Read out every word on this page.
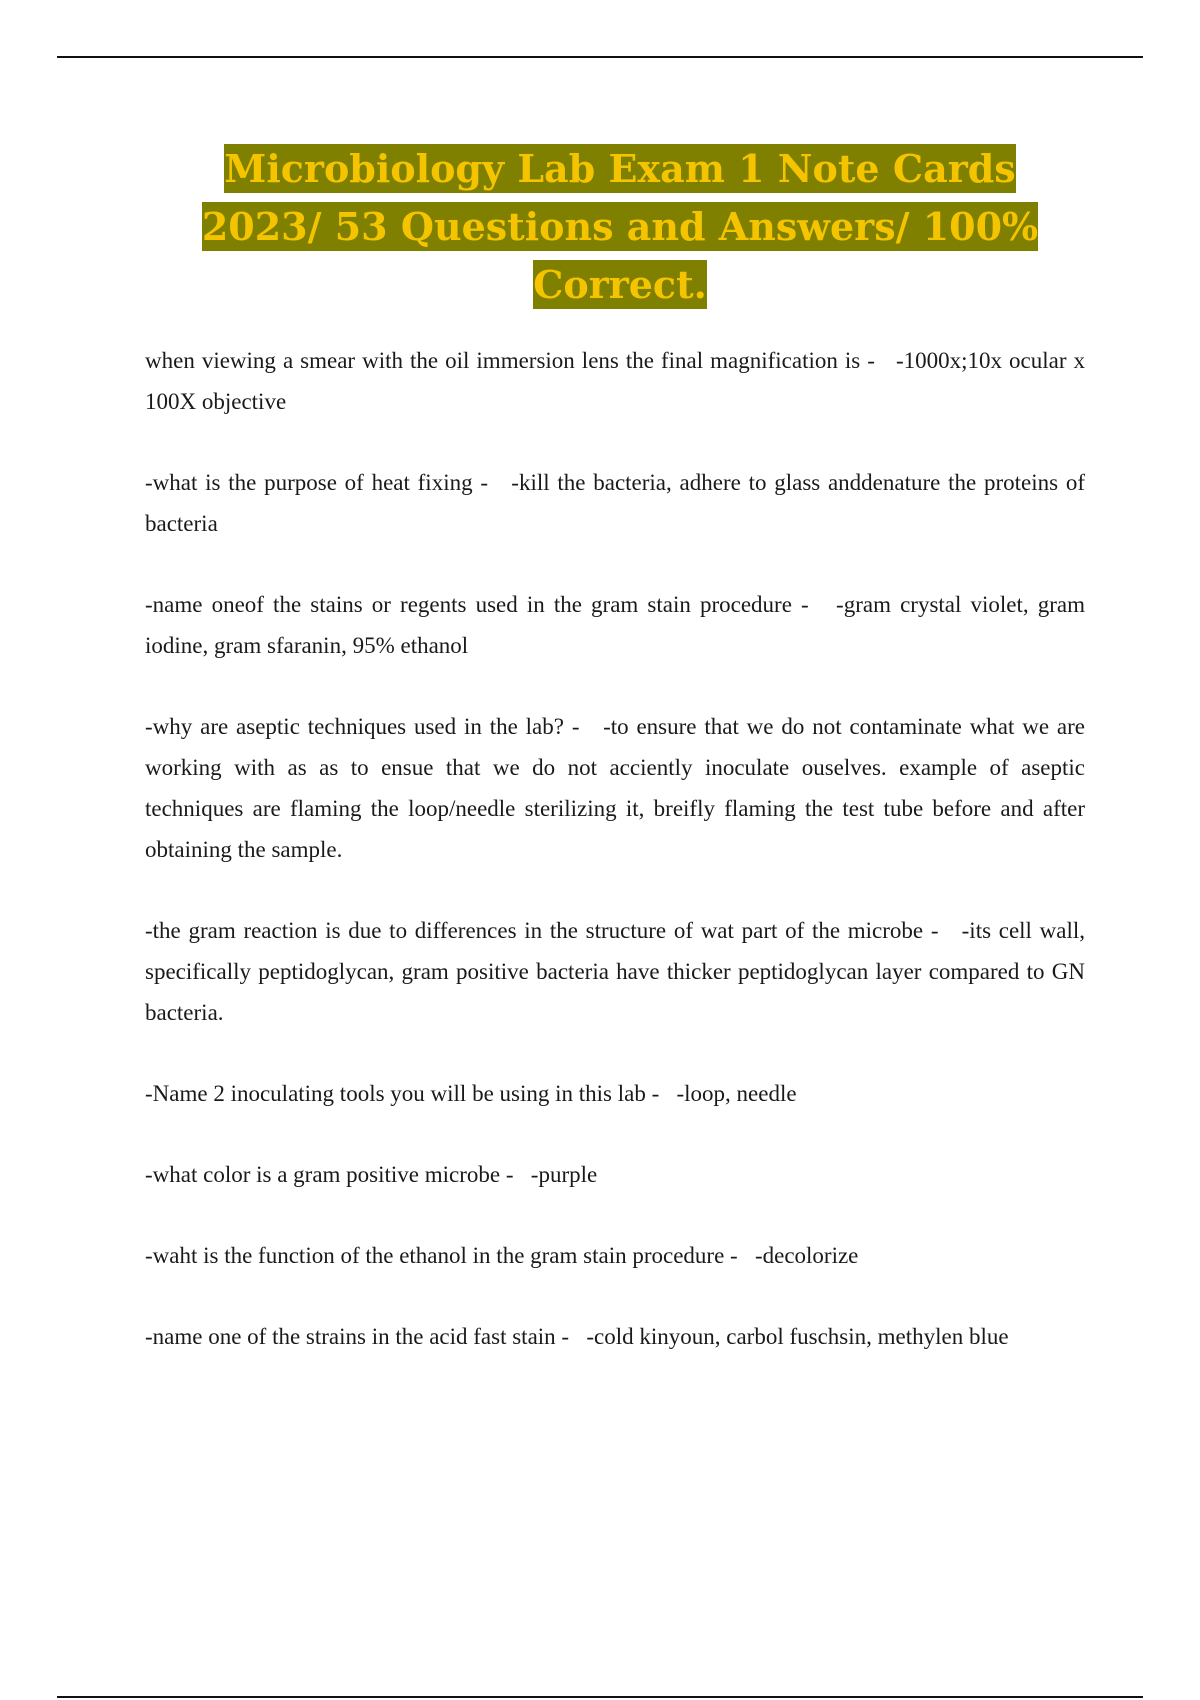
Microbiology Lab Exam 1 Note Cards
2023/ 53 Questions and Answers/ 100%
Correct.

when viewing a smear with the oil immersion lens the final magnification is - -1000x;10x ocular x 100X objective

-what is the purpose of heat fixing - -kill the bacteria, adhere to glass anddenature the proteins of bacteria

-name oneof the stains or regents used in the gram stain procedure - -gram crystal violet, gram iodine, gram sfaranin, 95% ethanol

-why are aseptic techniques used in the lab? - -to ensure that we do not contaminate what we are working with as as to ensue that we do not acciently inoculate ouselves. example of aseptic techniques are flaming the loop/needle sterilizing it, breifly flaming the test tube before and after obtaining the sample.

-the gram reaction is due to differences in the structure of wat part of the microbe - -its cell wall, specifically peptidoglycan, gram positive bacteria have thicker peptidoglycan layer compared to GN bacteria.

-Name 2 inoculating tools you will be using in this lab - -loop, needle

-what color is a gram positive microbe - -purple

-waht is the function of the ethanol in the gram stain procedure - -decolorize

-name one of the strains in the acid fast stain - -cold kinyoun, carbol fuschsin, methylen blue
